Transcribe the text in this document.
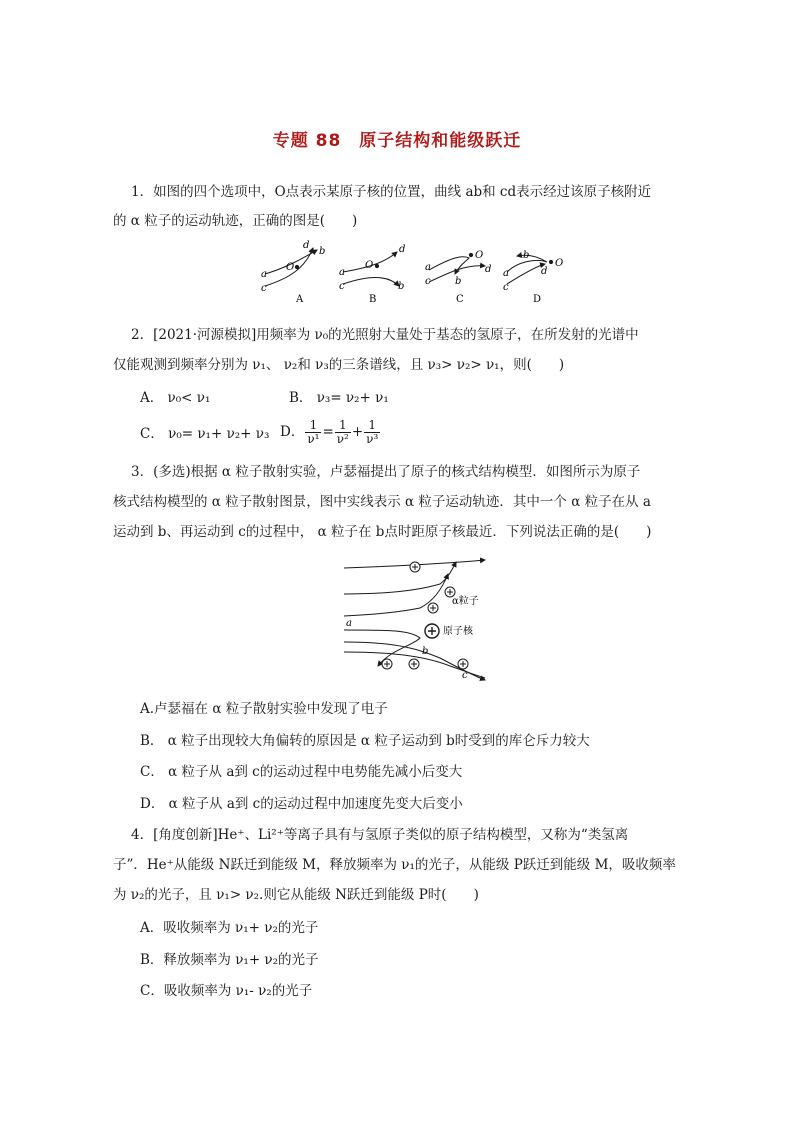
专题 88　原子结构和能级跃迁
1．如图的四个选项中，O点表示某原子核的位置，曲线 ab和 cd表示经过该原子核附近
的 α 粒子的运动轨迹，正确的图是(　　)
a
c
b
d
O
A
a
c
d
b
O
B
a
c b
d
O
C
b
a
c
d
O
D
2．[2021·河源模拟]用频率为 ν₀的光照射大量处于基态的氢原子，在所发射的光谱中
仅能观测到频率分别为 ν₁、 ν₂和 ν₃的三条谱线，且 ν₃> ν₂> ν₁，则(　　)
A． ν₀< ν₁	B． ν₃= ν₂+ ν₁
C． ν₀= ν₁+ ν₂+ ν₃ D． $\frac{1}{\text{ν¹}} = \frac{1}{\text{ν²}} + \frac{1}{\text{ν³}}$
3．(多选)根据 α 粒子散射实验，卢瑟福提出了原子的核式结构模型．如图所示为原子
核式结构模型的 α 粒子散射图景，图中实线表示 α 粒子运动轨迹．其中一个 α 粒子在从 a
运动到 b、再运动到 c的过程中， α 粒子在 b点时距原子核最近．下列说法正确的是(　　)
α粒子
原子核
a
b
c
A.卢瑟福在 α 粒子散射实验中发现了电子
B． α 粒子出现较大角偏转的原因是 α 粒子运动到 b时受到的库仑斥力较大
C． α 粒子从 a到 c的运动过程中电势能先减小后变大
D． α 粒子从 a到 c的运动过程中加速度先变大后变小
4．[角度创新]He⁺、Li²⁺等离子具有与氢原子类似的原子结构模型，又称为“类氢离
子”．He⁺从能级 N跃迁到能级 M，释放频率为 ν₁的光子，从能级 P跃迁到能级 M，吸收频率
为 ν₂的光子，且 ν₁> ν₂.则它从能级 N跃迁到能级 P时(　　)
A．吸收频率为 ν₁+ ν₂的光子
B．释放频率为 ν₁+ ν₂的光子
C．吸收频率为 ν₁- ν₂的光子
